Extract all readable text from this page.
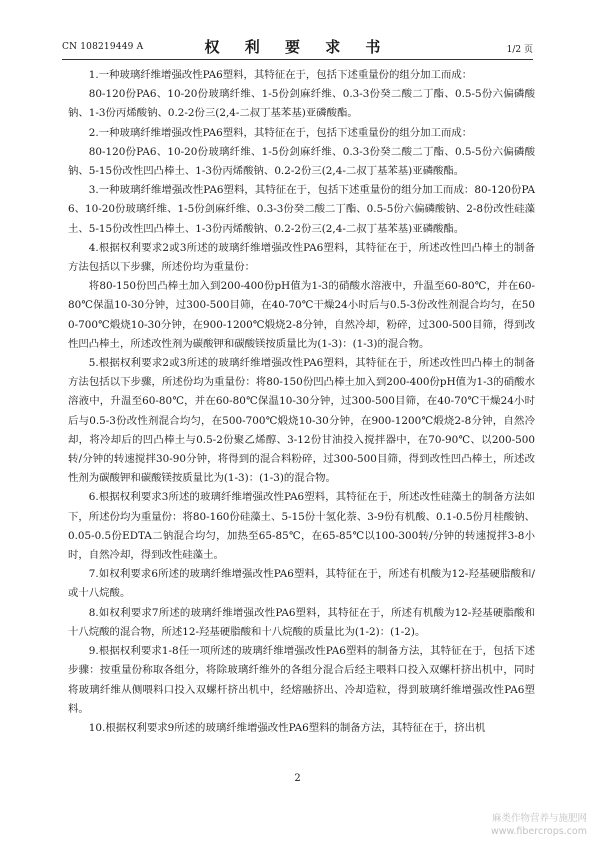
CN 108219449 A	权 利 要 求 书	1/2 页

1.一种玻璃纤维增强改性PA6塑料，其特征在于，包括下述重量份的组分加工而成：

80-120份PA6、10-20份玻璃纤维、1-5份剑麻纤维、0.3-3份癸二酸二丁酯、0.5-5份六偏磷酸钠、1-3份丙烯酸钠、0.2-2份三(2,4-二叔丁基苯基)亚磷酸酯。

2.一种玻璃纤维增强改性PA6塑料，其特征在于，包括下述重量份的组分加工而成：

80-120份PA6、10-20份玻璃纤维、1-5份剑麻纤维、0.3-3份癸二酸二丁酯、0.5-5份六偏磷酸钠、5-15份改性凹凸棒土、1-3份丙烯酸钠、0.2-2份三(2,4-二叔丁基苯基)亚磷酸酯。

3.一种玻璃纤维增强改性PA6塑料，其特征在于，包括下述重量份的组分加工而成：80-120份PA6、10-20份玻璃纤维、1-5份剑麻纤维、0.3-3份癸二酸二丁酯、0.5-5份六偏磷酸钠、2-8份改性硅藻土、5-15份改性凹凸棒土、1-3份丙烯酸钠、0.2-2份三(2,4-二叔丁基苯基)亚磷酸酯。

4.根据权利要求2或3所述的玻璃纤维增强改性PA6塑料，其特征在于，所述改性凹凸棒土的制备方法包括以下步骤，所述份均为重量份：

将80-150份凹凸棒土加入到200-400份pH值为1-3的硝酸水溶液中，升温至60-80℃，并在60-80℃保温10-30分钟，过300-500目筛，在40-70℃干燥24小时后与0.5-3份改性剂混合均匀，在500-700℃煅烧10-30分钟，在900-1200℃煅烧2-8分钟，自然冷却，粉碎，过300-500目筛，得到改性凹凸棒土，所述改性剂为碳酸钾和碳酸镁按质量比为(1-3)：(1-3)的混合物。

5.根据权利要求2或3所述的玻璃纤维增强改性PA6塑料，其特征在于，所述改性凹凸棒土的制备方法包括以下步骤，所述份均为重量份：将80-150份凹凸棒土加入到200-400份pH值为1-3的硝酸水溶液中，升温至60-80℃，并在60-80℃保温10-30分钟，过300-500目筛，在40-70℃干燥24小时后与0.5-3份改性剂混合均匀，在500-700℃煅烧10-30分钟，在900-1200℃煅烧2-8分钟，自然冷却，将冷却后的凹凸棒土与0.5-2份聚乙烯醇、3-12份甘油投入搅拌器中，在70-90℃、以200-500转/分钟的转速搅拌30-90分钟，将得到的混合料粉碎，过300-500目筛，得到改性凹凸棒土，所述改性剂为碳酸钾和碳酸镁按质量比为(1-3)：(1-3)的混合物。

6.根据权利要求3所述的玻璃纤维增强改性PA6塑料，其特征在于，所述改性硅藻土的制备方法如下，所述份均为重量份：将80-160份硅藻土、5-15份十氢化萘、3-9份有机酸、0.1-0.5份月桂酸钠、0.05-0.5份EDTA二钠混合均匀，加热至65-85℃，在65-85℃以100-300转/分钟的转速搅拌3-8小时，自然冷却，得到改性硅藻土。

7.如权利要求6所述的玻璃纤维增强改性PA6塑料，其特征在于，所述有机酸为12-羟基硬脂酸和/或十八烷酸。

8.如权利要求7所述的玻璃纤维增强改性PA6塑料，其特征在于，所述有机酸为12-羟基硬脂酸和十八烷酸的混合物，所述12-羟基硬脂酸和十八烷酸的质量比为(1-2)：(1-2)。

9.根据权利要求1-8任一项所述的玻璃纤维增强改性PA6塑料的制备方法，其特征在于，包括下述步骤：按重量份称取各组分，将除玻璃纤维外的各组分混合后经主喂料口投入双螺杆挤出机中，同时将玻璃纤维从侧喂料口投入双螺杆挤出机中，经熔融挤出、冷却造粒，得到玻璃纤维增强改性PA6塑料。

10.根据权利要求9所述的玻璃纤维增强改性PA6塑料的制备方法，其特征在于，挤出机

2
麻类作物营养与施肥网
www.fibercrops.com
